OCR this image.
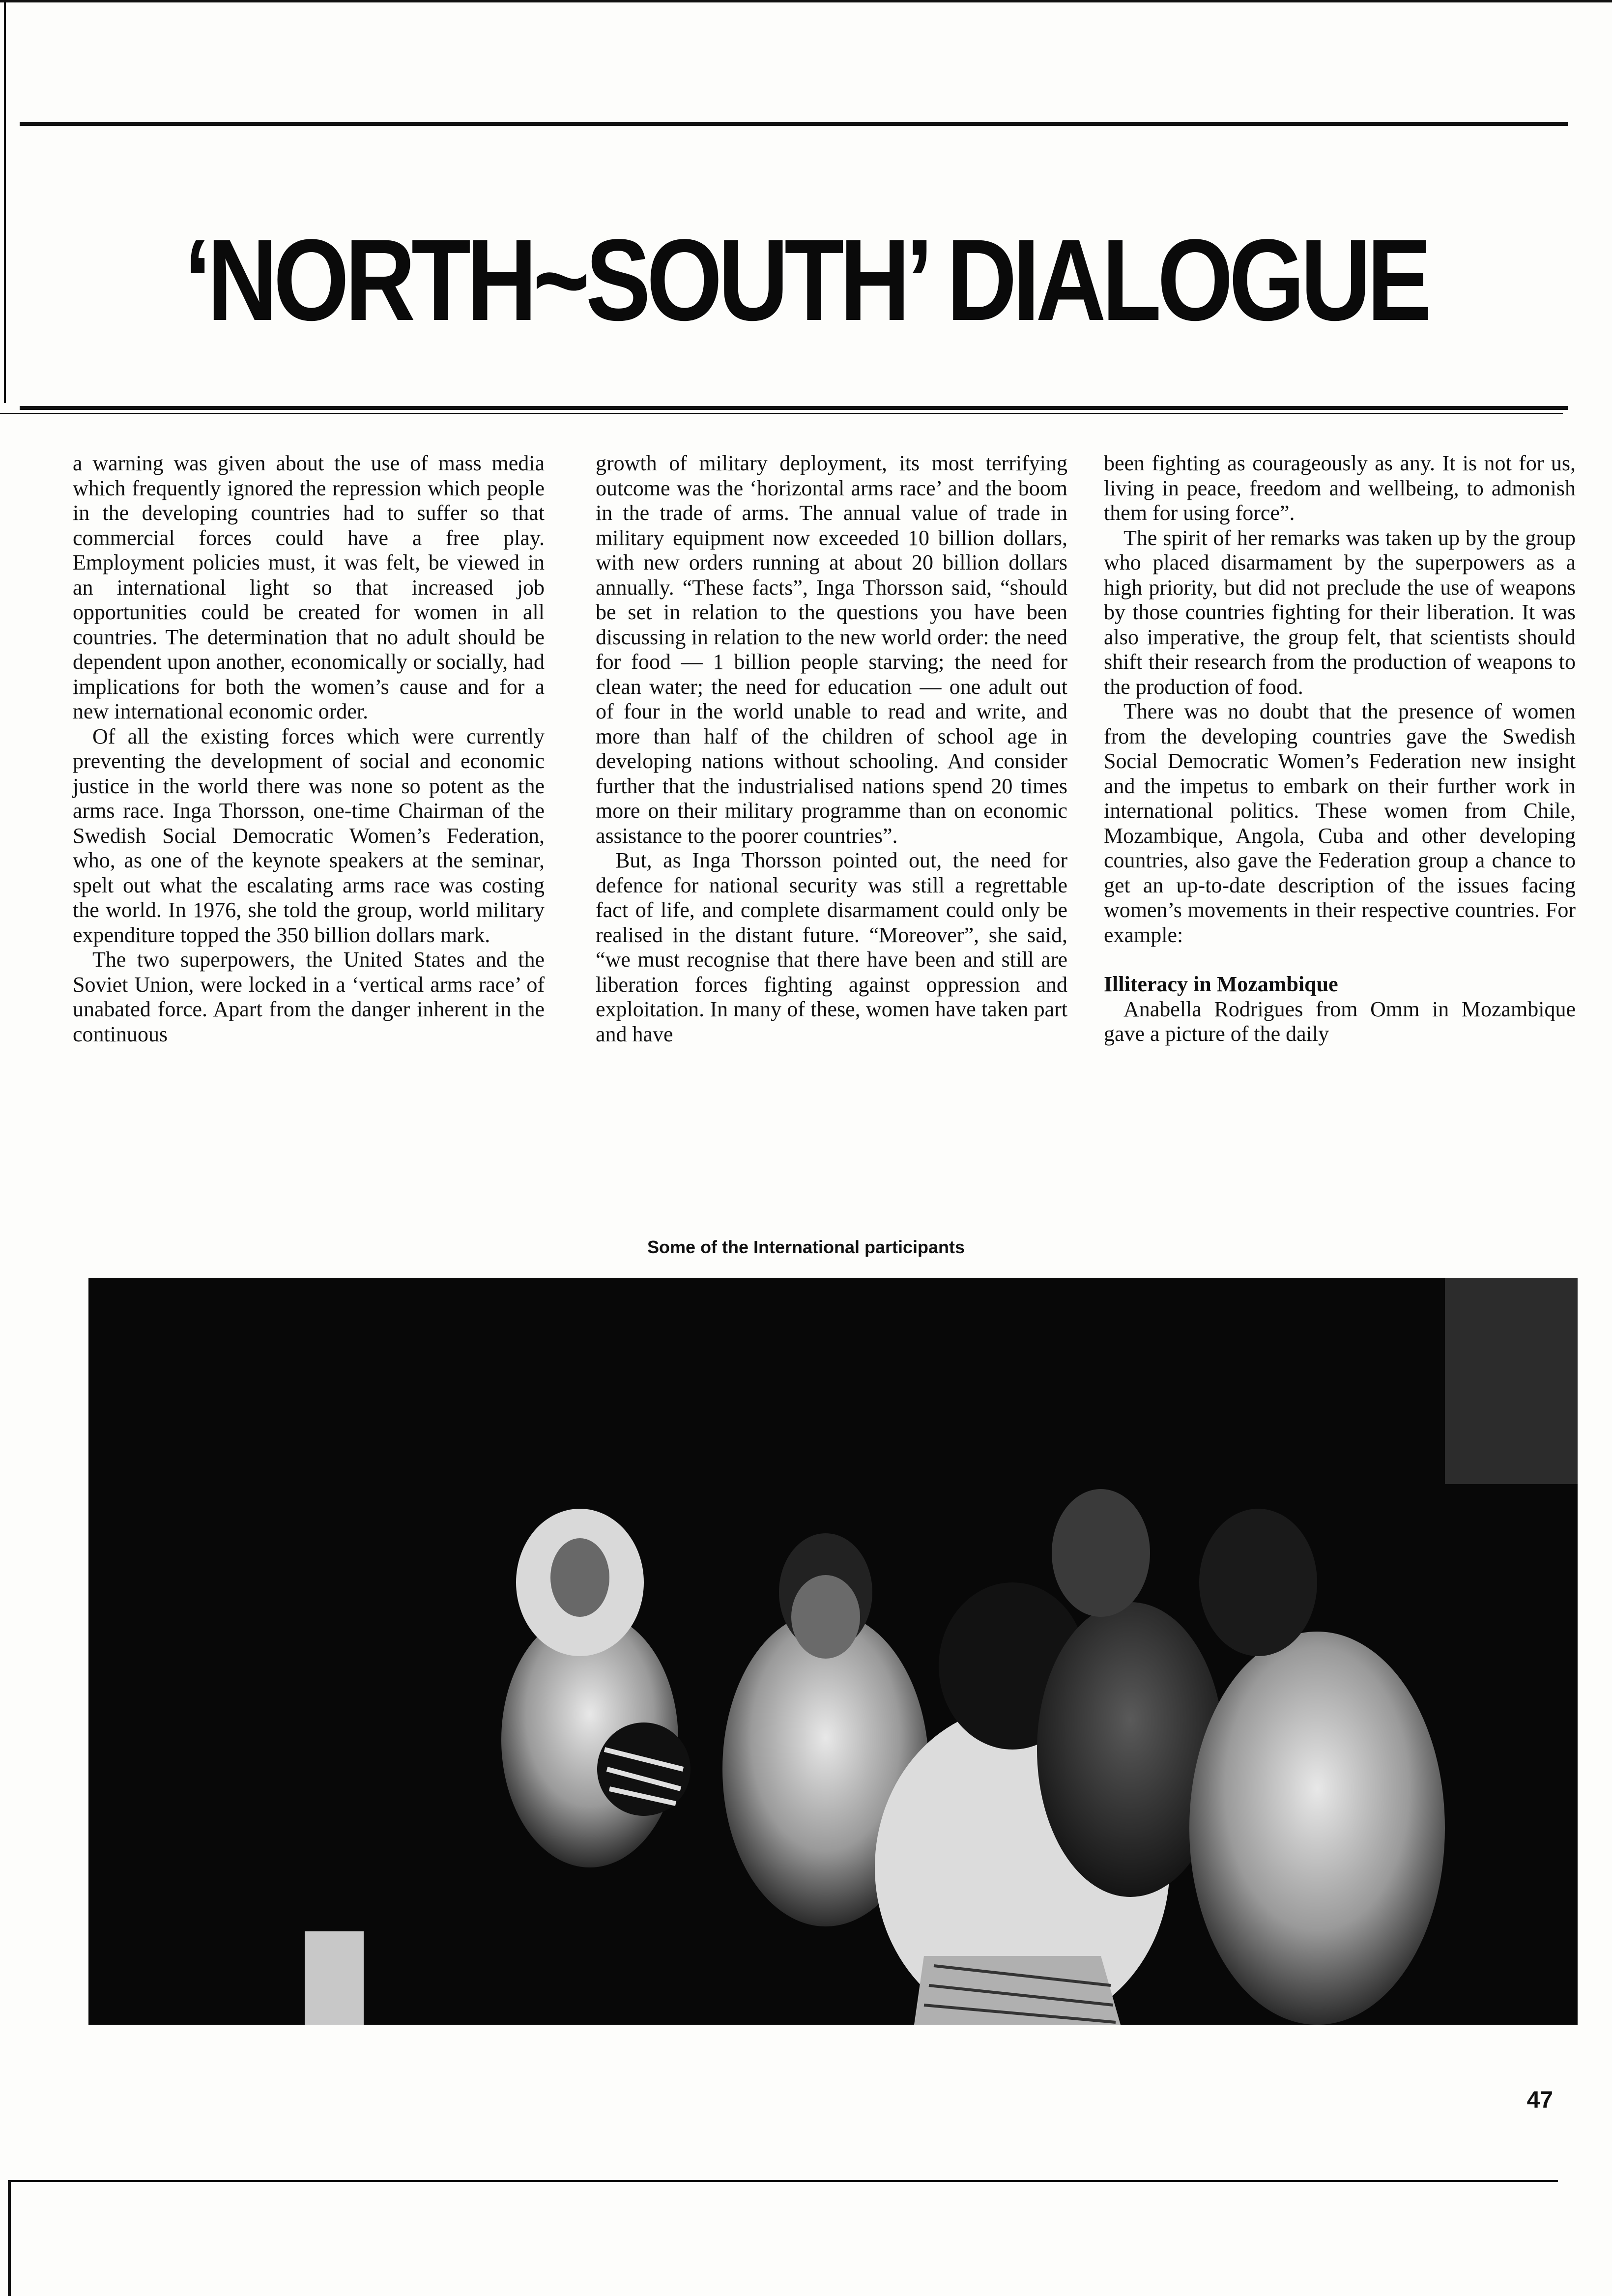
‘NORTH~SOUTH’ DIALOGUE

a warning was given about the use of mass media which frequently ignored the repression which people in the developing countries had to suffer so that commercial forces could have a free play. Employment policies must, it was felt, be viewed in an international light so that increased job opportunities could be created for women in all countries. The determination that no adult should be dependent upon another, economically or socially, had implications for both the women’s cause and for a new international economic order.

Of all the existing forces which were currently preventing the development of social and economic justice in the world there was none so potent as the arms race. Inga Thorsson, one-time Chairman of the Swedish Social Democratic Women’s Federation, who, as one of the keynote speakers at the seminar, spelt out what the escalating arms race was costing the world. In 1976, she told the group, world military expenditure topped the 350 billion dollars mark.

The two superpowers, the United States and the Soviet Union, were locked in a ‘vertical arms race’ of unabated force. Apart from the danger inherent in the continuous

growth of military deployment, its most terrifying outcome was the ‘horizontal arms race’ and the boom in the trade of arms. The annual value of trade in military equipment now exceeded 10 billion dollars, with new orders running at about 20 billion dollars annually. “These facts”, Inga Thorsson said, “should be set in relation to the questions you have been discussing in relation to the new world order: the need for food — 1 billion people starving; the need for clean water; the need for education — one adult out of four in the world unable to read and write, and more than half of the children of school age in developing nations without schooling. And consider further that the industrialised nations spend 20 times more on their military programme than on economic assistance to the poorer countries”.

But, as Inga Thorsson pointed out, the need for defence for national security was still a regrettable fact of life, and complete disarmament could only be realised in the distant future. “Moreover”, she said, “we must recognise that there have been and still are liberation forces fighting against oppression and exploitation. In many of these, women have taken part and have

been fighting as courageously as any. It is not for us, living in peace, freedom and wellbeing, to admonish them for using force”.

The spirit of her remarks was taken up by the group who placed disarmament by the superpowers as a high priority, but did not preclude the use of weapons by those countries fighting for their liberation. It was also imperative, the group felt, that scientists should shift their research from the production of weapons to the production of food.

There was no doubt that the presence of women from the developing countries gave the Swedish Social Democratic Women’s Federation new insight and the impetus to embark on their further work in international politics. These women from Chile, Mozambique, Angola, Cuba and other developing countries, also gave the Federation group a chance to get an up-to-date description of the issues facing women’s movements in their respective countries. For example:

Illiteracy in Mozambique

Anabella Rodrigues from Omm in Mozambique gave a picture of the daily

Some of the International participants
47
